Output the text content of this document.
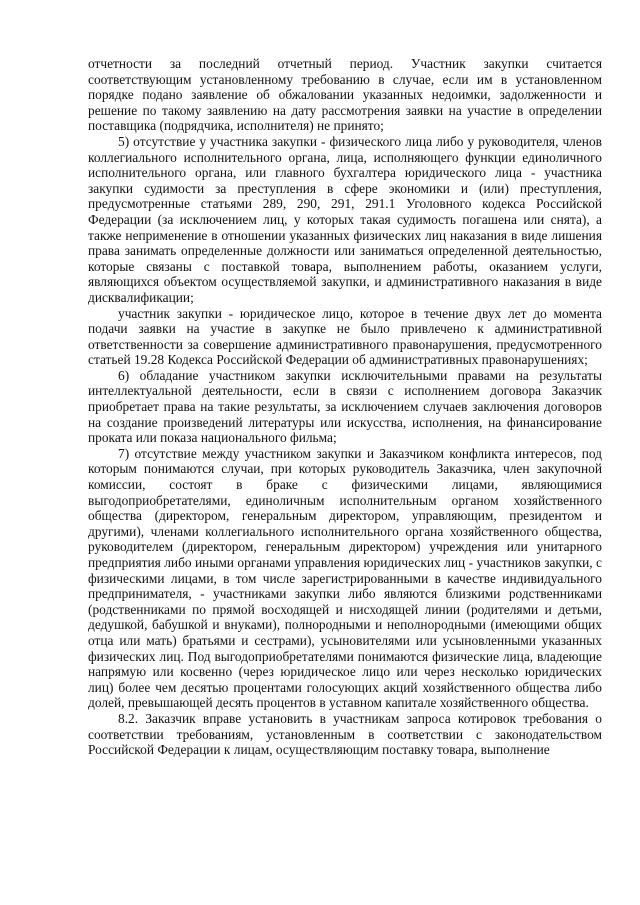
отчетности за последний отчетный период. Участник закупки считается соответствующим установленному требованию в случае, если им в установленном порядке подано заявление об обжаловании указанных недоимки, задолженности и решение по такому заявлению на дату рассмотрения заявки на участие в определении поставщика (подрядчика, исполнителя) не принято;

5) отсутствие у участника закупки - физического лица либо у руководителя, членов коллегиального исполнительного органа, лица, исполняющего функции единоличного исполнительного органа, или главного бухгалтера юридического лица - участника закупки судимости за преступления в сфере экономики и (или) преступления, предусмотренные статьями 289, 290, 291, 291.1 Уголовного кодекса Российской Федерации (за исключением лиц, у которых такая судимость погашена или снята), а также неприменение в отношении указанных физических лиц наказания в виде лишения права занимать определенные должности или заниматься определенной деятельностью, которые связаны с поставкой товара, выполнением работы, оказанием услуги, являющихся объектом осуществляемой закупки, и административного наказания в виде дисквалификации;

участник закупки - юридическое лицо, которое в течение двух лет до момента подачи заявки на участие в закупке не было привлечено к административной ответственности за совершение административного правонарушения, предусмотренного статьей 19.28 Кодекса Российской Федерации об административных правонарушениях;

6) обладание участником закупки исключительными правами на результаты интеллектуальной деятельности, если в связи с исполнением договора Заказчик приобретает права на такие результаты, за исключением случаев заключения договоров на создание произведений литературы или искусства, исполнения, на финансирование проката или показа национального фильма;

7) отсутствие между участником закупки и Заказчиком конфликта интересов, под которым понимаются случаи, при которых руководитель Заказчика, член закупочной комиссии, состоят в браке с физическими лицами, являющимися выгодоприобретателями, единоличным исполнительным органом хозяйственного общества (директором, генеральным директором, управляющим, президентом и другими), членами коллегиального исполнительного органа хозяйственного общества, руководителем (директором, генеральным директором) учреждения или унитарного предприятия либо иными органами управления юридических лиц - участников закупки, с физическими лицами, в том числе зарегистрированными в качестве индивидуального предпринимателя, - участниками закупки либо являются близкими родственниками (родственниками по прямой восходящей и нисходящей линии (родителями и детьми, дедушкой, бабушкой и внуками), полнородными и неполнородными (имеющими общих отца или мать) братьями и сестрами), усыновителями или усыновленными указанных физических лиц. Под выгодоприобретателями понимаются физические лица, владеющие напрямую или косвенно (через юридическое лицо или через несколько юридических лиц) более чем десятью процентами голосующих акций хозяйственного общества либо долей, превышающей десять процентов в уставном капитале хозяйственного общества.

8.2. Заказчик вправе установить в участникам запроса котировок требования о соответствии требованиям, установленным в соответствии с законодательством Российской Федерации к лицам, осуществляющим поставку товара, выполнение
